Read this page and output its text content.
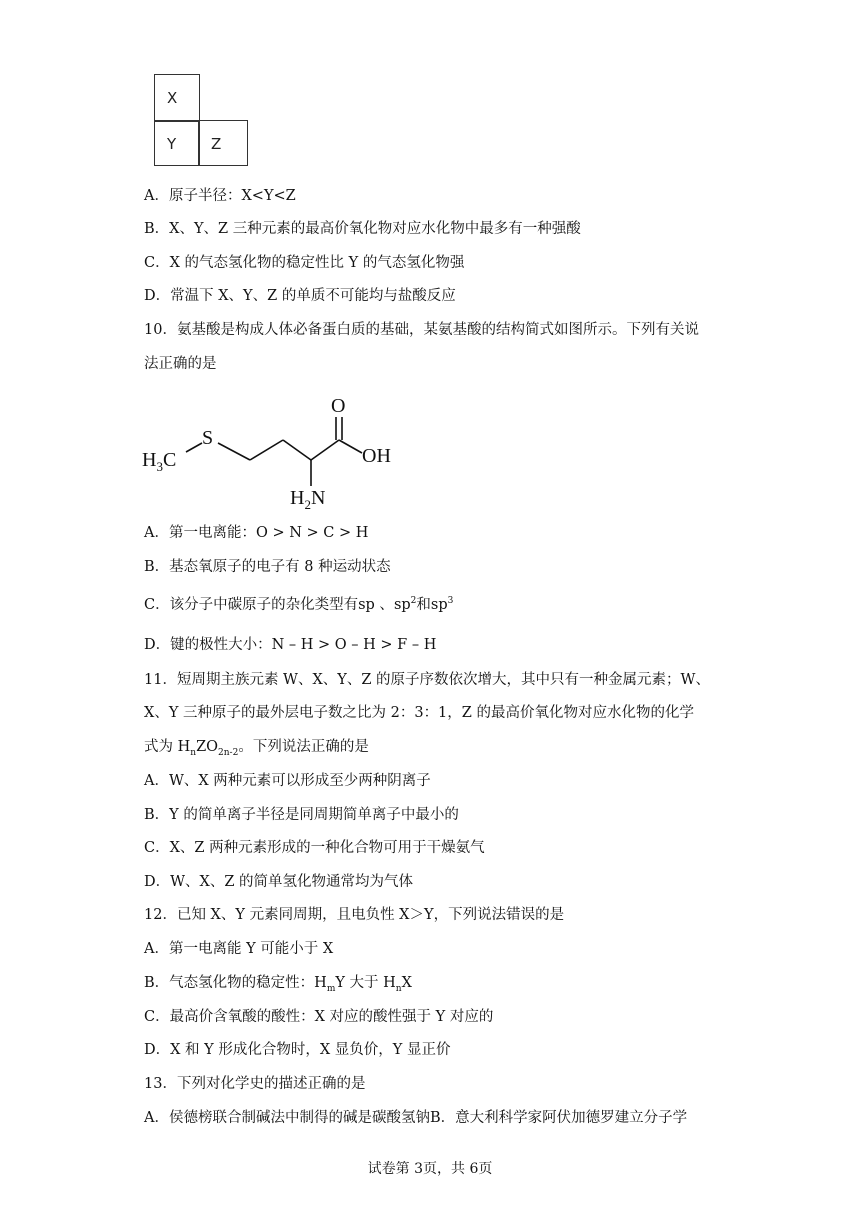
X
Y Z
A．原子半径：X<Y<Z
B．X、Y、Z 三种元素的最高价氧化物对应水化物中最多有一种强酸
C．X 的气态氢化物的稳定性比 Y 的气态氢化物强
D．常温下 X、Y、Z 的单质不可能均与盐酸反应
10．氨基酸是构成人体必备蛋白质的基础，某氨基酸的结构简式如图所示。下列有关说
法正确的是
$H_3C$
S
O
OH
$H_2N$
A．第一电离能：O > N > C > H
B．基态氧原子的电子有 8 种运动状态
C．该分子中碳原子的杂化类型有sp 、$sp^2$和$sp^3$
D．键的极性大小：N – H > O – H > F – H
11．短周期主族元素 W、X、Y、Z 的原子序数依次增大，其中只有一种金属元素；W、
X、Y 三种原子的最外层电子数之比为 2：3：1，Z 的最高价氧化物对应水化物的化学
式为 $H_nZO_{2n-2}$。下列说法正确的是
A．W、X 两种元素可以形成至少两种阴离子
B．Y 的简单离子半径是同周期简单离子中最小的
C．X、Z 两种元素形成的一种化合物可用于干燥氨气
D．W、X、Z 的简单氢化物通常均为气体
12．已知 X、Y 元素同周期，且电负性 X＞Y，下列说法错误的是
A．第一电离能 Y 可能小于 X
B．气态氢化物的稳定性：$H_mY$ 大于 $H_nX$
C．最高价含氧酸的酸性：X 对应的酸性强于 Y 对应的
D．X 和 Y 形成化合物时，X 显负价，Y 显正价
13．下列对化学史的描述正确的是
A．侯德榜联合制碱法中制得的碱是碳酸氢钠B．意大利科学家阿伏加德罗建立分子学
试卷第 3页，共 6页
